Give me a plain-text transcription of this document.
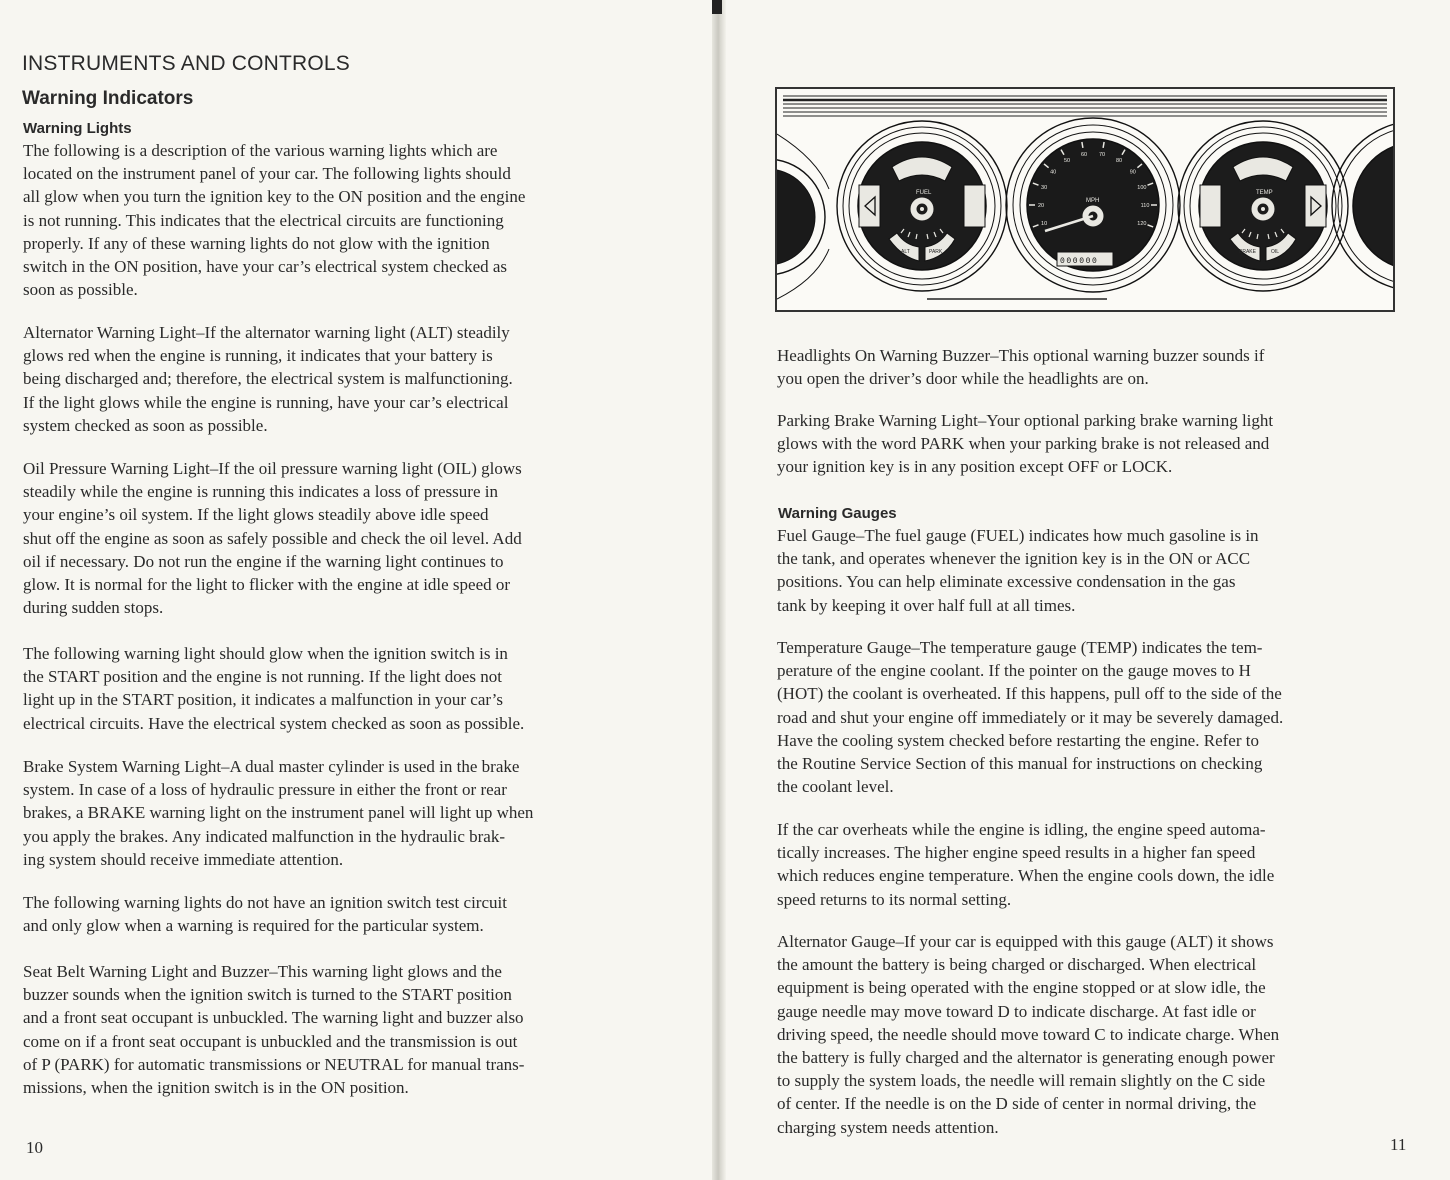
INSTRUMENTS AND CONTROLS
Warning Indicators
Warning Lights

The following is a description of the various warning lights which are
located on the instrument panel of your car. The following lights should
all glow when you turn the ignition key to the ON position and the engine
is not running. This indicates that the electrical circuits are functioning
properly. If any of these warning lights do not glow with the ignition
switch in the ON position, have your car’s electrical system checked as
soon as possible.

Alternator Warning Light–If the alternator warning light (ALT) steadily
glows red when the engine is running, it indicates that your battery is
being discharged and; therefore, the electrical system is malfunctioning.
If the light glows while the engine is running, have your car’s electrical
system checked as soon as possible.

Oil Pressure Warning Light–If the oil pressure warning light (OIL) glows
steadily while the engine is running this indicates a loss of pressure in
your engine’s oil system. If the light glows steadily above idle speed
shut off the engine as soon as safely possible and check the oil level. Add
oil if necessary. Do not run the engine if the warning light continues to
glow. It is normal for the light to flicker with the engine at idle speed or
during sudden stops.

The following warning light should glow when the ignition switch is in
the START position and the engine is not running. If the light does not
light up in the START position, it indicates a malfunction in your car’s
electrical circuits. Have the electrical system checked as soon as possible.

Brake System Warning Light–A dual master cylinder is used in the brake
system. In case of a loss of hydraulic pressure in either the front or rear
brakes, a BRAKE warning light on the instrument panel will light up when
you apply the brakes. Any indicated malfunction in the hydraulic brak-
ing system should receive immediate attention.

The following warning lights do not have an ignition switch test circuit
and only glow when a warning is required for the particular system.

Seat Belt Warning Light and Buzzer–This warning light glows and the
buzzer sounds when the ignition switch is turned to the START position
and a front seat occupant is unbuckled. The warning light and buzzer also
come on if a front seat occupant is unbuckled and the transmission is out
of P (PARK) for automatic transmissions or NEUTRAL for manual trans-
missions, when the ignition switch is in the ON position.

10
FUEL
ALT	PARK
10
20
30
40
50
60 70
80
90
100
110
120
MPH
000000
TEMP
BRAKE	OIL

Headlights On Warning Buzzer–This optional warning buzzer sounds if
you open the driver’s door while the headlights are on.

Parking Brake Warning Light–Your optional parking brake warning light
glows with the word PARK when your parking brake is not released and
your ignition key is in any position except OFF or LOCK.

Warning Gauges

Fuel Gauge–The fuel gauge (FUEL) indicates how much gasoline is in
the tank, and operates whenever the ignition key is in the ON or ACC
positions. You can help eliminate excessive condensation in the gas
tank by keeping it over half full at all times.

Temperature Gauge–The temperature gauge (TEMP) indicates the tem-
perature of the engine coolant. If the pointer on the gauge moves to H
(HOT) the coolant is overheated. If this happens, pull off to the side of the
road and shut your engine off immediately or it may be severely damaged.
Have the cooling system checked before restarting the engine. Refer to
the Routine Service Section of this manual for instructions on checking
the coolant level.

If the car overheats while the engine is idling, the engine speed automa-
tically increases. The higher engine speed results in a higher fan speed
which reduces engine temperature. When the engine cools down, the idle
speed returns to its normal setting.

Alternator Gauge–If your car is equipped with this gauge (ALT) it shows
the amount the battery is being charged or discharged. When electrical
equipment is being operated with the engine stopped or at slow idle, the
gauge needle may move toward D to indicate discharge. At fast idle or
driving speed, the needle should move toward C to indicate charge. When
the battery is fully charged and the alternator is generating enough power
to supply the system loads, the needle will remain slightly on the C side
of center. If the needle is on the D side of center in normal driving, the
charging system needs attention.

11
